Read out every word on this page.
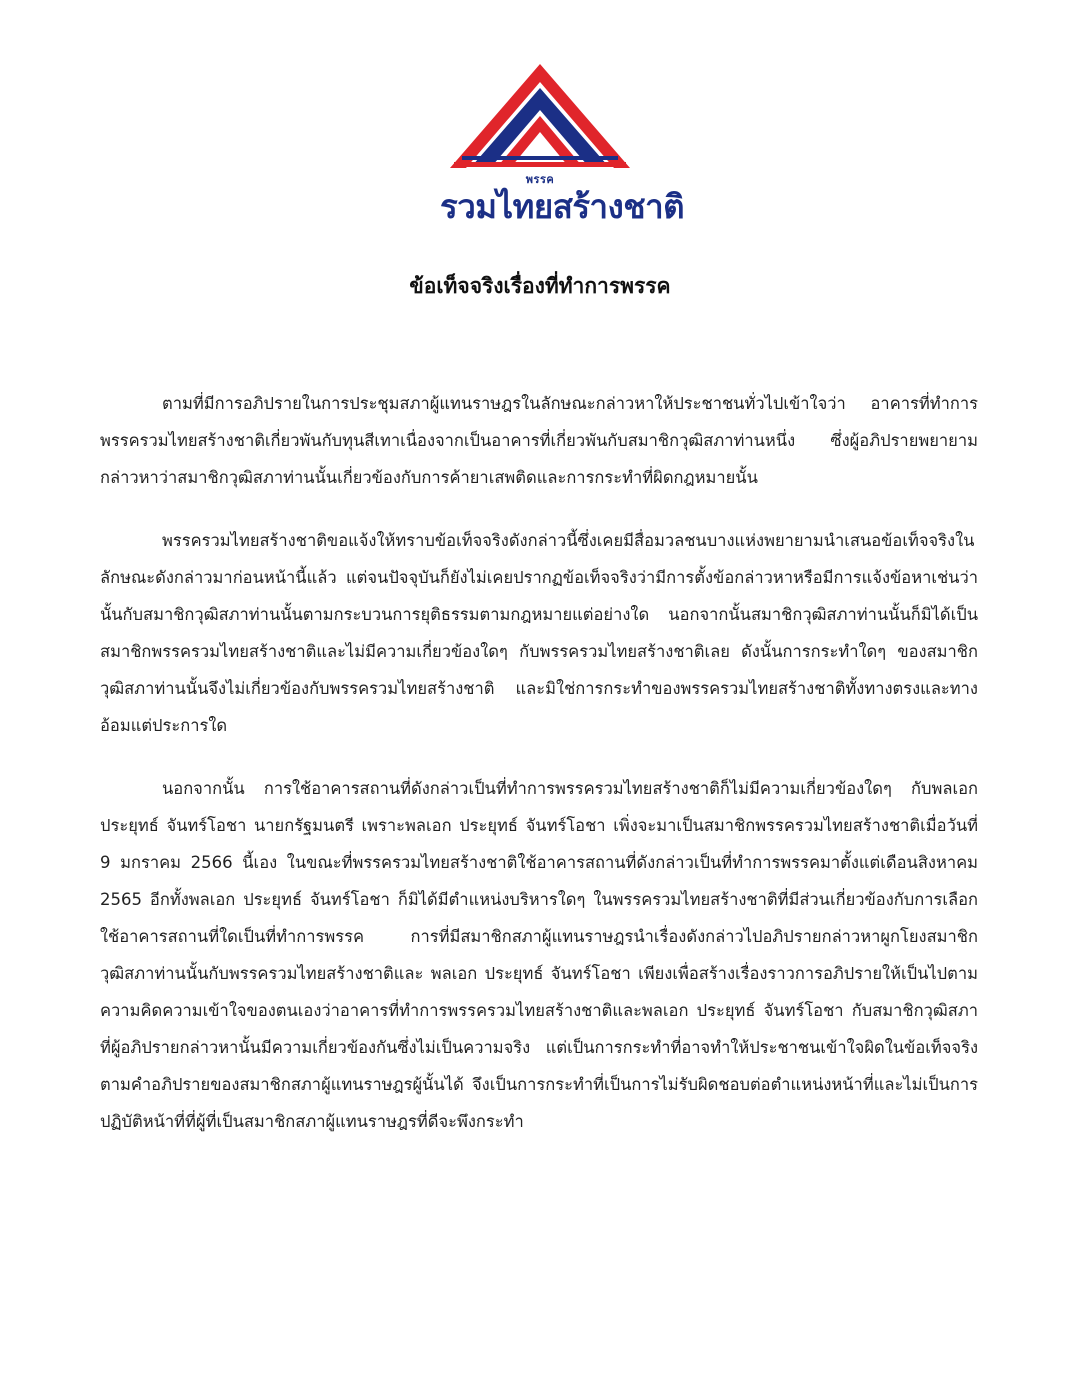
พรรค
รวมไทยสร้างชาติ
ข้อเท็จจริงเรื่องที่ทำการพรรค

ตามที่มีการอภิปรายในการประชุมสภาผู้แทนราษฎรในลักษณะกล่าวหาให้ประชาชนทั่วไปเข้าใจว่า อาคารที่ทำการพรรครวมไทยสร้างชาติเกี่ยวพันกับทุนสีเทาเนื่องจากเป็นอาคารที่เกี่ยวพันกับสมาชิกวุฒิสภาท่านหนึ่ง ซึ่งผู้อภิปรายพยายามกล่าวหาว่าสมาชิกวุฒิสภาท่านนั้นเกี่ยวข้องกับการค้ายาเสพติดและการกระทำที่ผิดกฎหมายนั้น

พรรครวมไทยสร้างชาติขอแจ้งให้ทราบข้อเท็จจริงดังกล่าวนี้ซึ่งเคยมีสื่อมวลชนบางแห่งพยายามนำเสนอข้อเท็จจริงในลักษณะดังกล่าวมาก่อนหน้านี้แล้ว แต่จนปัจจุบันก็ยังไม่เคยปรากฏข้อเท็จจริงว่ามีการตั้งข้อกล่าวหาหรือมีการแจ้งข้อหาเช่นว่านั้นกับสมาชิกวุฒิสภาท่านนั้นตามกระบวนการยุติธรรมตามกฎหมายแต่อย่างใด นอกจากนั้นสมาชิกวุฒิสภาท่านนั้นก็มิได้เป็นสมาชิกพรรครวมไทยสร้างชาติและไม่มีความเกี่ยวข้องใดๆ กับพรรครวมไทยสร้างชาติเลย ดังนั้นการกระทำใดๆ ของสมาชิกวุฒิสภาท่านนั้นจึงไม่เกี่ยวข้องกับพรรครวมไทยสร้างชาติ และมิใช่การกระทำของพรรครวมไทยสร้างชาติทั้งทางตรงและทางอ้อมแต่ประการใด

นอกจากนั้น การใช้อาคารสถานที่ดังกล่าวเป็นที่ทำการพรรครวมไทยสร้างชาติก็ไม่มีความเกี่ยวข้องใดๆ กับพลเอก ประยุทธ์ จันทร์โอชา นายกรัฐมนตรี เพราะพลเอก ประยุทธ์ จันทร์โอชา เพิ่งจะมาเป็นสมาชิกพรรครวมไทยสร้างชาติเมื่อวันที่ 9 มกราคม 2566 นี้เอง ในขณะที่พรรครวมไทยสร้างชาติใช้อาคารสถานที่ดังกล่าวเป็นที่ทำการพรรคมาตั้งแต่เดือนสิงหาคม 2565 อีกทั้งพลเอก ประยุทธ์ จันทร์โอชา ก็มิได้มีตำแหน่งบริหารใดๆ ในพรรครวมไทยสร้างชาติที่มีส่วนเกี่ยวข้องกับการเลือกใช้อาคารสถานที่ใดเป็นที่ทำการพรรค การที่มีสมาชิกสภาผู้แทนราษฎรนำเรื่องดังกล่าวไปอภิปรายกล่าวหาผูกโยงสมาชิกวุฒิสภาท่านนั้นกับพรรครวมไทยสร้างชาติและ พลเอก ประยุทธ์ จันทร์โอชา เพียงเพื่อสร้างเรื่องราวการอภิปรายให้เป็นไปตามความคิดความเข้าใจของตนเองว่าอาคารที่ทำการพรรครวมไทยสร้างชาติและพลเอก ประยุทธ์ จันทร์โอชา กับสมาชิกวุฒิสภาที่ผู้อภิปรายกล่าวหานั้นมีความเกี่ยวข้องกันซึ่งไม่เป็นความจริง แต่เป็นการกระทำที่อาจทำให้ประชาชนเข้าใจผิดในข้อเท็จจริงตามคำอภิปรายของสมาชิกสภาผู้แทนราษฎรผู้นั้นได้ จึงเป็นการกระทำที่เป็นการไม่รับผิดชอบต่อตำแหน่งหน้าที่และไม่เป็นการปฏิบัติหน้าที่ที่ผู้ที่เป็นสมาชิกสภาผู้แทนราษฎรที่ดีจะพึงกระทำ
